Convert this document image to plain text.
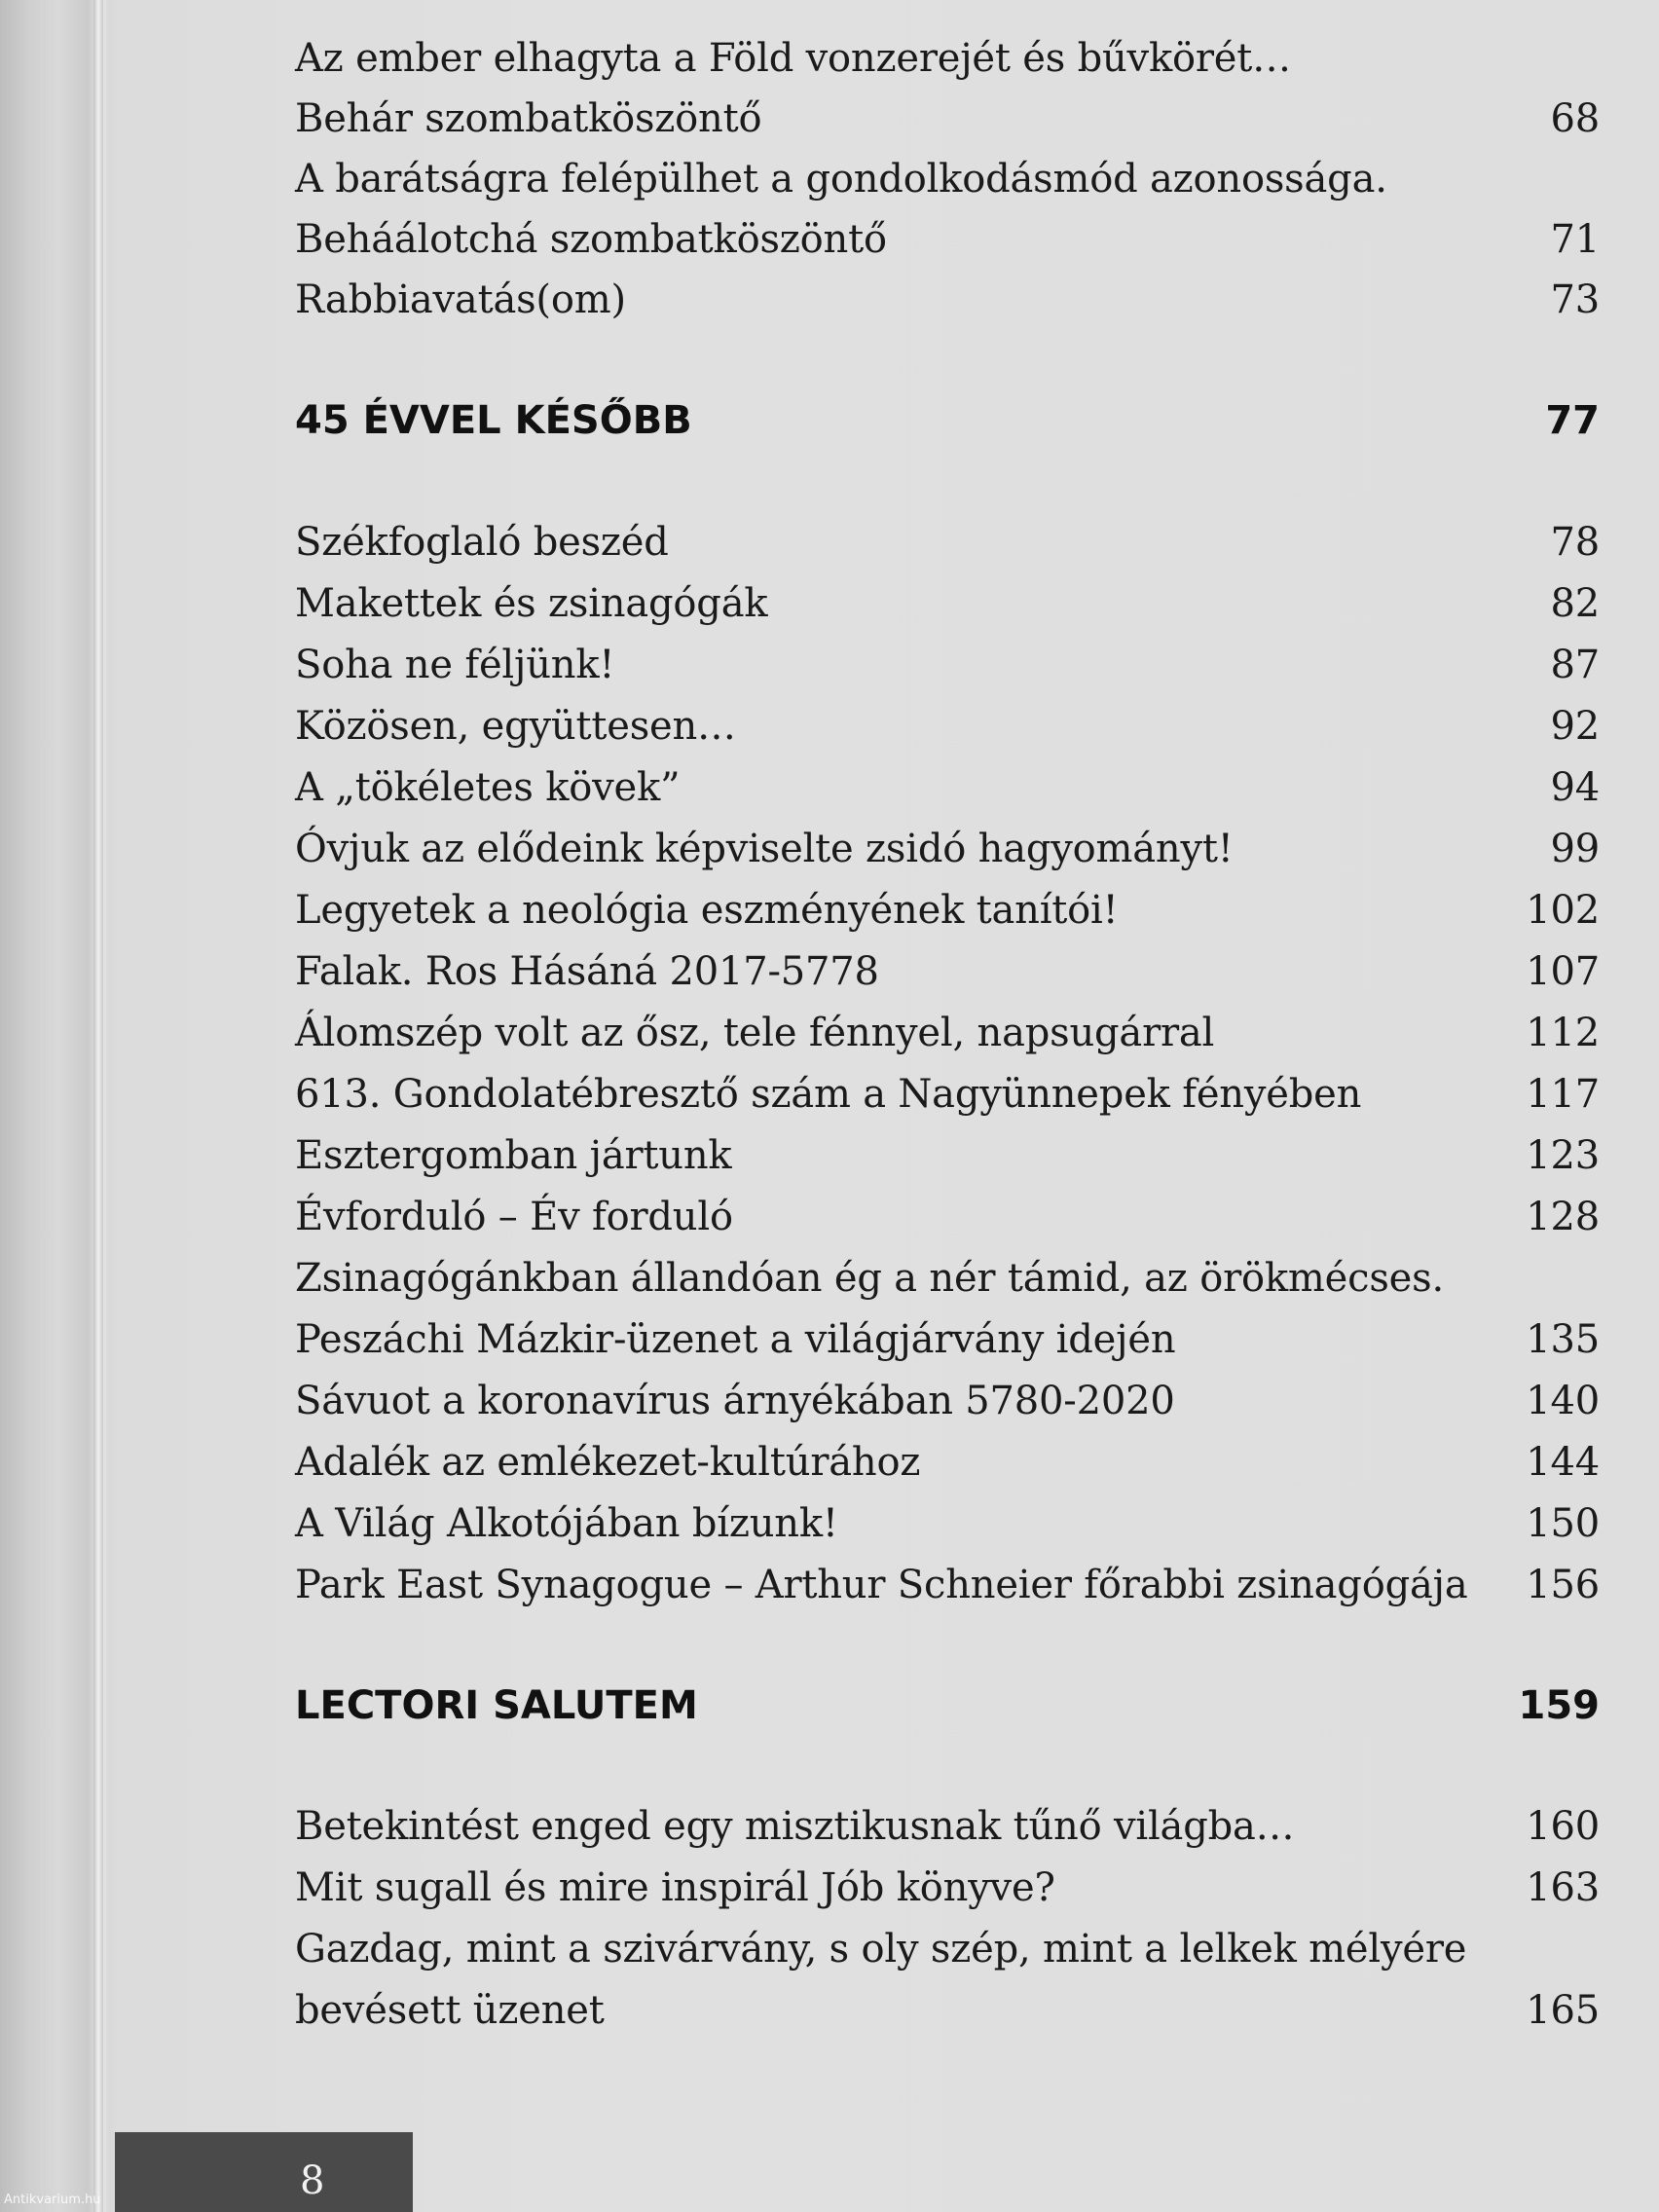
Az ember elhagyta a Föld vonzerejét és bűvkörét…
Behár szombatköszöntő	68
A barátságra felépülhet a gondolkodásmód azonossága.
Beháálotchá szombatköszöntő	71
Rabbiavatás(om)	73
45 ÉVVEL KÉSŐBB	77
Székfoglaló beszéd	78
Makettek és zsinagógák	82
Soha ne féljünk!	87
Közösen, együttesen…	92
A „tökéletes kövek”	94
Óvjuk az elődeink képviselte zsidó hagyományt!	99
Legyetek a neológia eszményének tanítói!	102
Falak. Ros Hásáná 2017-5778	107
Álomszép volt az ősz, tele fénnyel, napsugárral	112
613. Gondolatébresztő szám a Nagyünnepek fényében	117
Esztergomban jártunk	123
Évforduló – Év forduló	128
Zsinagógánkban állandóan ég a nér támid, az örökmécses.
Peszáchi Mázkir-üzenet a világjárvány idején	135
Sávuot a koronavírus árnyékában 5780-2020	140
Adalék az emlékezet-kultúrához	144
A Világ Alkotójában bízunk!	150
Park East Synagogue – Arthur Schneier főrabbi zsinagógája 156
LECTORI SALUTEM	159
Betekintést enged egy misztikusnak tűnő világba…	160
Mit sugall és mire inspirál Jób könyve?	163
Gazdag, mint a szivárvány, s oly szép, mint a lelkek mélyére
bevésett üzenet	165
8
Antikvarium.hu
